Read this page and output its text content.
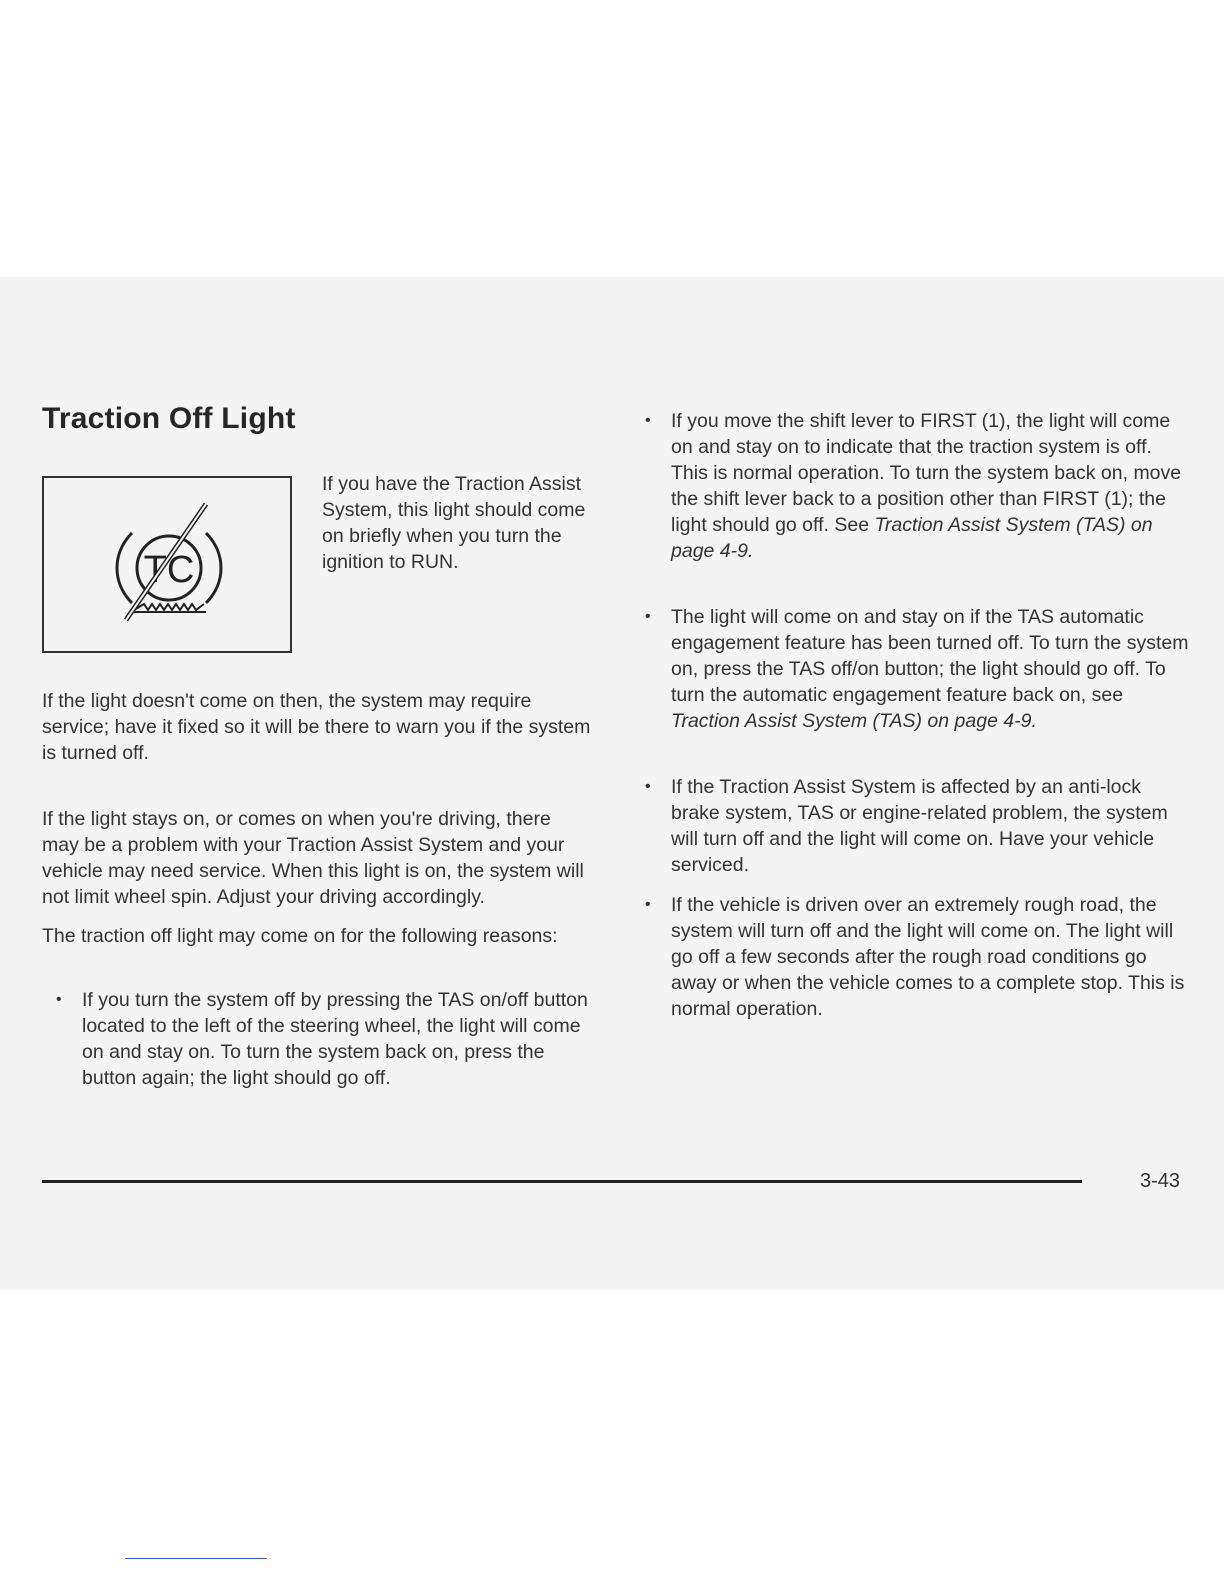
Traction Off Light
TC

If you have the Traction Assist System, this light should come on briefly when you turn the ignition to RUN.

If the light doesn't come on then, the system may require service; have it fixed so it will be there to warn you if the system is turned off.

If the light stays on, or comes on when you're driving, there may be a problem with your Traction Assist System and your vehicle may need service. When this light is on, the system will not limit wheel spin. Adjust your driving accordingly.

The traction off light may come on for the following reasons:

• If you turn the system off by pressing the TAS on/off button located to the left of the steering wheel, the light will come on and stay on. To turn the system back on, press the button again; the light should go off.

• If you move the shift lever to FIRST (1), the light will come on and stay on to indicate that the traction system is off. This is normal operation. To turn the system back on, move the shift lever back to a position other than FIRST (1); the light should go off. See Traction Assist System (TAS) on page 4-9.

• The light will come on and stay on if the TAS automatic engagement feature has been turned off. To turn the system on, press the TAS off/on button; the light should go off. To turn the automatic engagement feature back on, see Traction Assist System (TAS) on page 4-9.

• If the Traction Assist System is affected by an anti-lock brake system, TAS or engine-related problem, the system will turn off and the light will come on. Have your vehicle serviced.

• If the vehicle is driven over an extremely rough road, the system will turn off and the light will come on. The light will go off a few seconds after the rough road conditions go away or when the vehicle comes to a complete stop. This is normal operation.

3-43
